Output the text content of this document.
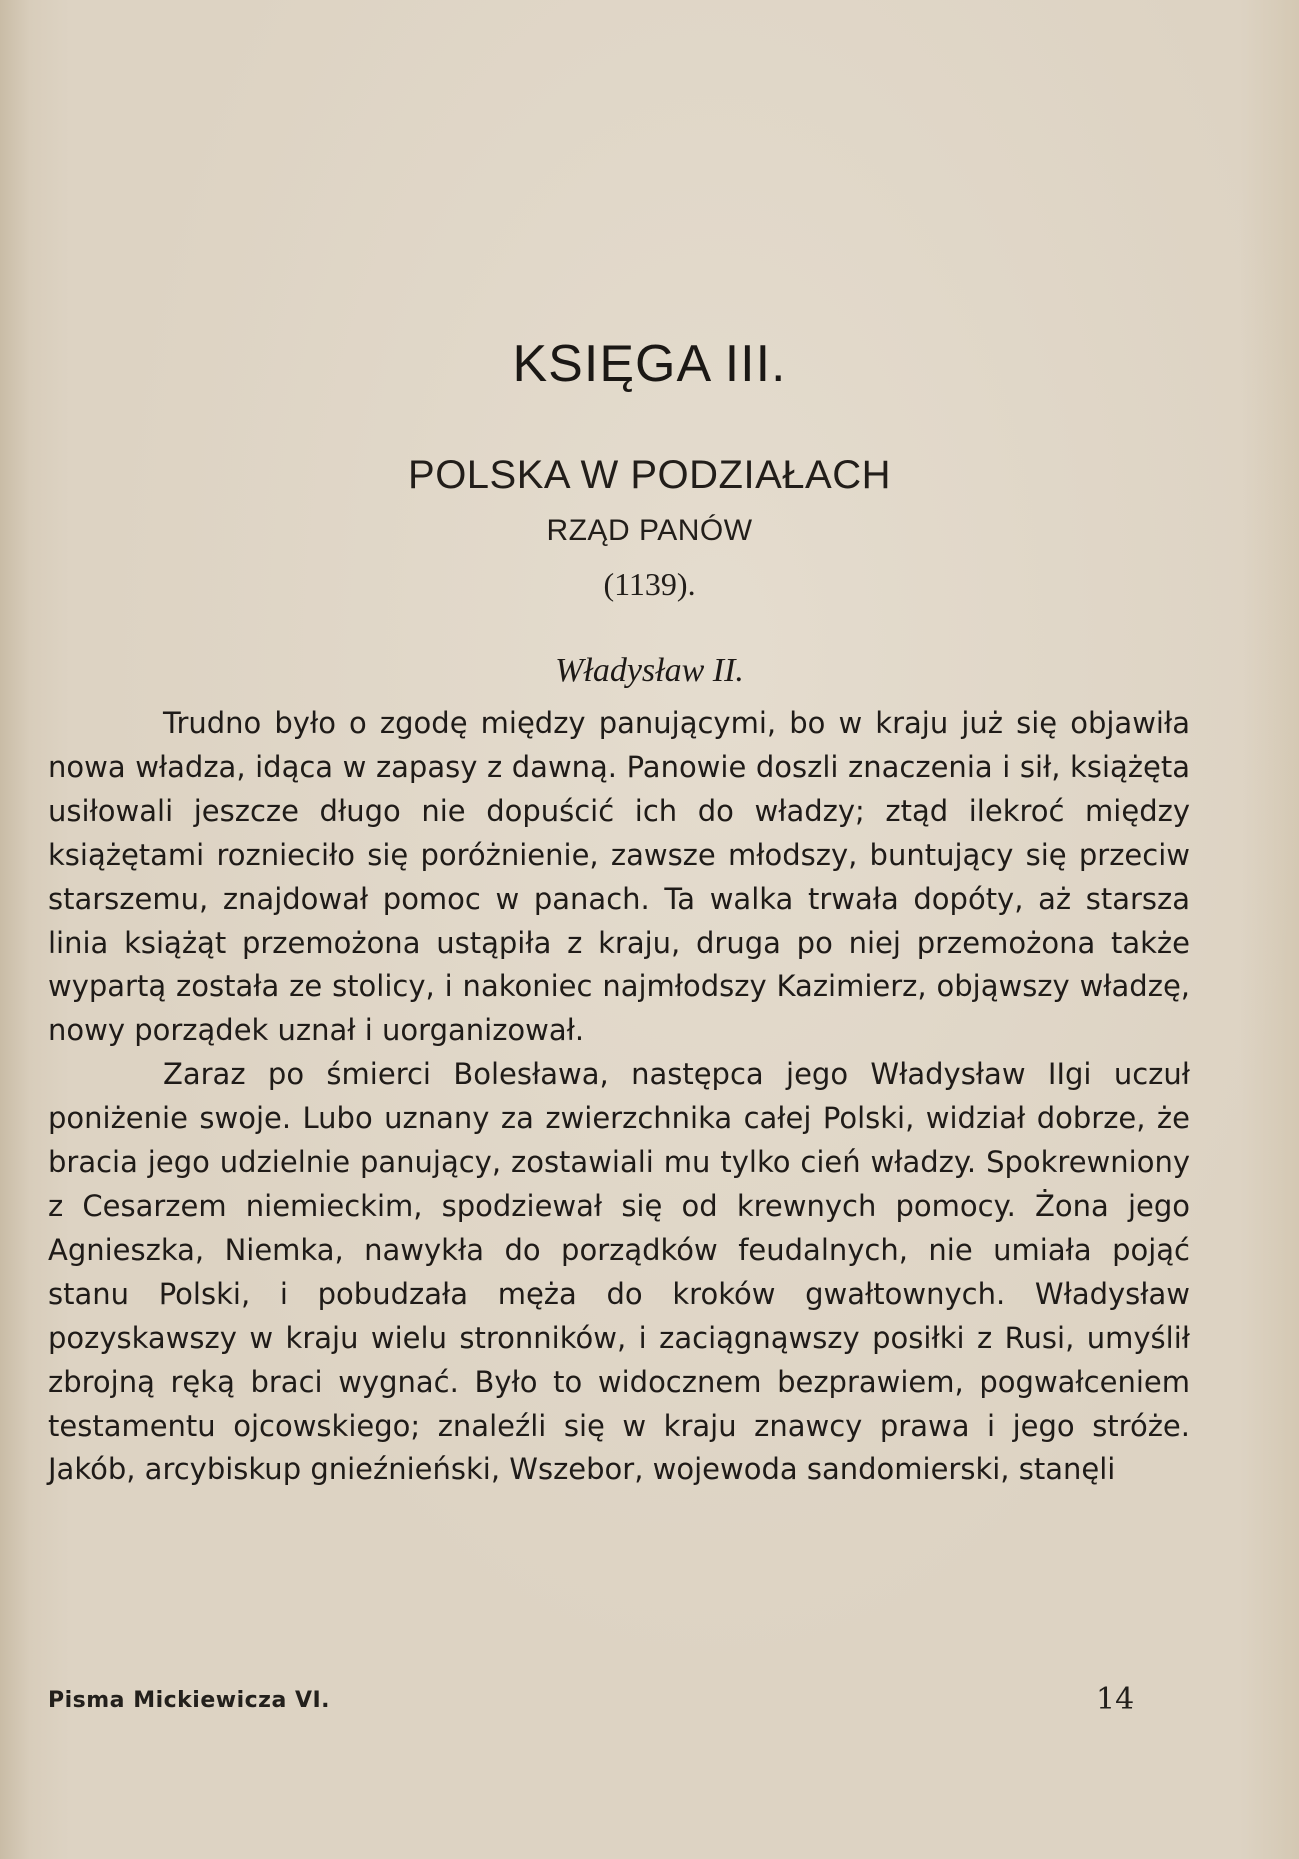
KSIĘGA III.
POLSKA W PODZIAŁACH
RZĄD PANÓW
(1139).
Władysław II.

Trudno było o zgodę między panującymi, bo w kraju już się objawiła nowa władza, idąca w zapasy z dawną. Panowie doszli znaczenia i sił, książęta usiłowali jeszcze długo nie dopuścić ich do władzy; ztąd ilekroć między książętami roznieciło się poróżnienie, zawsze młodszy, buntujący się przeciw starszemu, znajdował pomoc w panach. Ta walka trwała dopóty, aż starsza linia książąt przemożona ustąpiła z kraju, druga po niej przemożona także wypartą została ze stolicy, i nakoniec najmłodszy Kazimierz, objąwszy władzę, nowy porządek uznał i uorganizował.

Zaraz po śmierci Bolesława, następca jego Władysław IIgi uczuł poniżenie swoje. Lubo uznany za zwierzchnika całej Polski, widział dobrze, że bracia jego udzielnie panujący, zostawiali mu tylko cień władzy. Spokrewniony z Cesarzem niemieckim, spodziewał się od krewnych pomocy. Żona jego Agnieszka, Niemka, nawykła do porządków feudalnych, nie umiała pojąć stanu Polski, i pobudzała męża do kroków gwałtownych. Władysław pozyskawszy w kraju wielu stronników, i zaciągnąwszy posiłki z Rusi, umyślił zbrojną ręką braci wygnać. Było to widocznem bezprawiem, pogwałceniem testamentu ojcowskiego; znaleźli się w kraju znawcy prawa i jego stróże. Jakób, arcybiskup gnieźnieński, Wszebor, wojewoda sandomierski, stanęli

Pisma Mickiewicza VI.	14
